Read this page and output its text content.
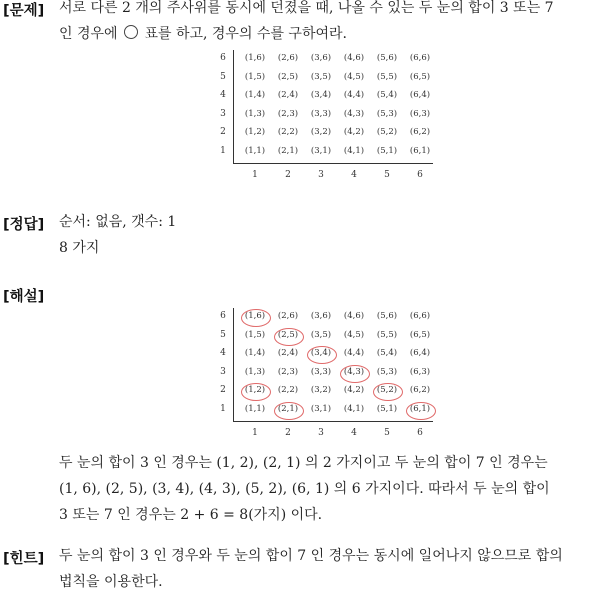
[문제] 서로 다른 2 개의 주사위를 동시에 던졌을 때, 나올 수 있는 두 눈의 합이 3 또는 7
인 경우에 표를 하고, 경우의 수를 구하여라.
6	(1,6)	(2,6)	(3,6)	(4,6)	(5,6)	(6,6)
5	(1,5)	(2,5)	(3,5)	(4,5)	(5,5)	(6,5)
4	(1,4)	(2,4)	(3,4)	(4,4)	(5,4)	(6,4)
3	(1,3)	(2,3)	(3,3)	(4,3)	(5,3)	(6,3)
2	(1,2)	(2,2)	(3,2)	(4,2)	(5,2)	(6,2)
1	(1,1)	(2,1)	(3,1)	(4,1)	(5,1)	(6,1)
1	2	3	4	5	6
[정답] 순서: 없음, 갯수: 1
8 가지
[해설]
6	(1,6)	(2,6)	(3,6)	(4,6)	(5,6)	(6,6)
5	(1,5)	(2,5)	(3,5)	(4,5)	(5,5)	(6,5)
4	(1,4)	(2,4)	(3,4)	(4,4)	(5,4)	(6,4)
3	(1,3)	(2,3)	(3,3)	(4,3)	(5,3)	(6,3)
2	(1,2)	(2,2)	(3,2)	(4,2)	(5,2)	(6,2)
1	(1,1)	(2,1)	(3,1)	(4,1)	(5,1)	(6,1)
1	2	3	4	5	6
두 눈의 합이 3 인 경우는 (1, 2), (2, 1) 의 2 가지이고 두 눈의 합이 7 인 경우는
(1, 6), (2, 5), (3, 4), (4, 3), (5, 2), (6, 1) 의 6 가지이다. 따라서 두 눈의 합이
3 또는 7 인 경우는 2 + 6 = 8(가지) 이다.
[힌트] 두 눈의 합이 3 인 경우와 두 눈의 합이 7 인 경우는 동시에 일어나지 않으므로 합의
법칙을 이용한다.
